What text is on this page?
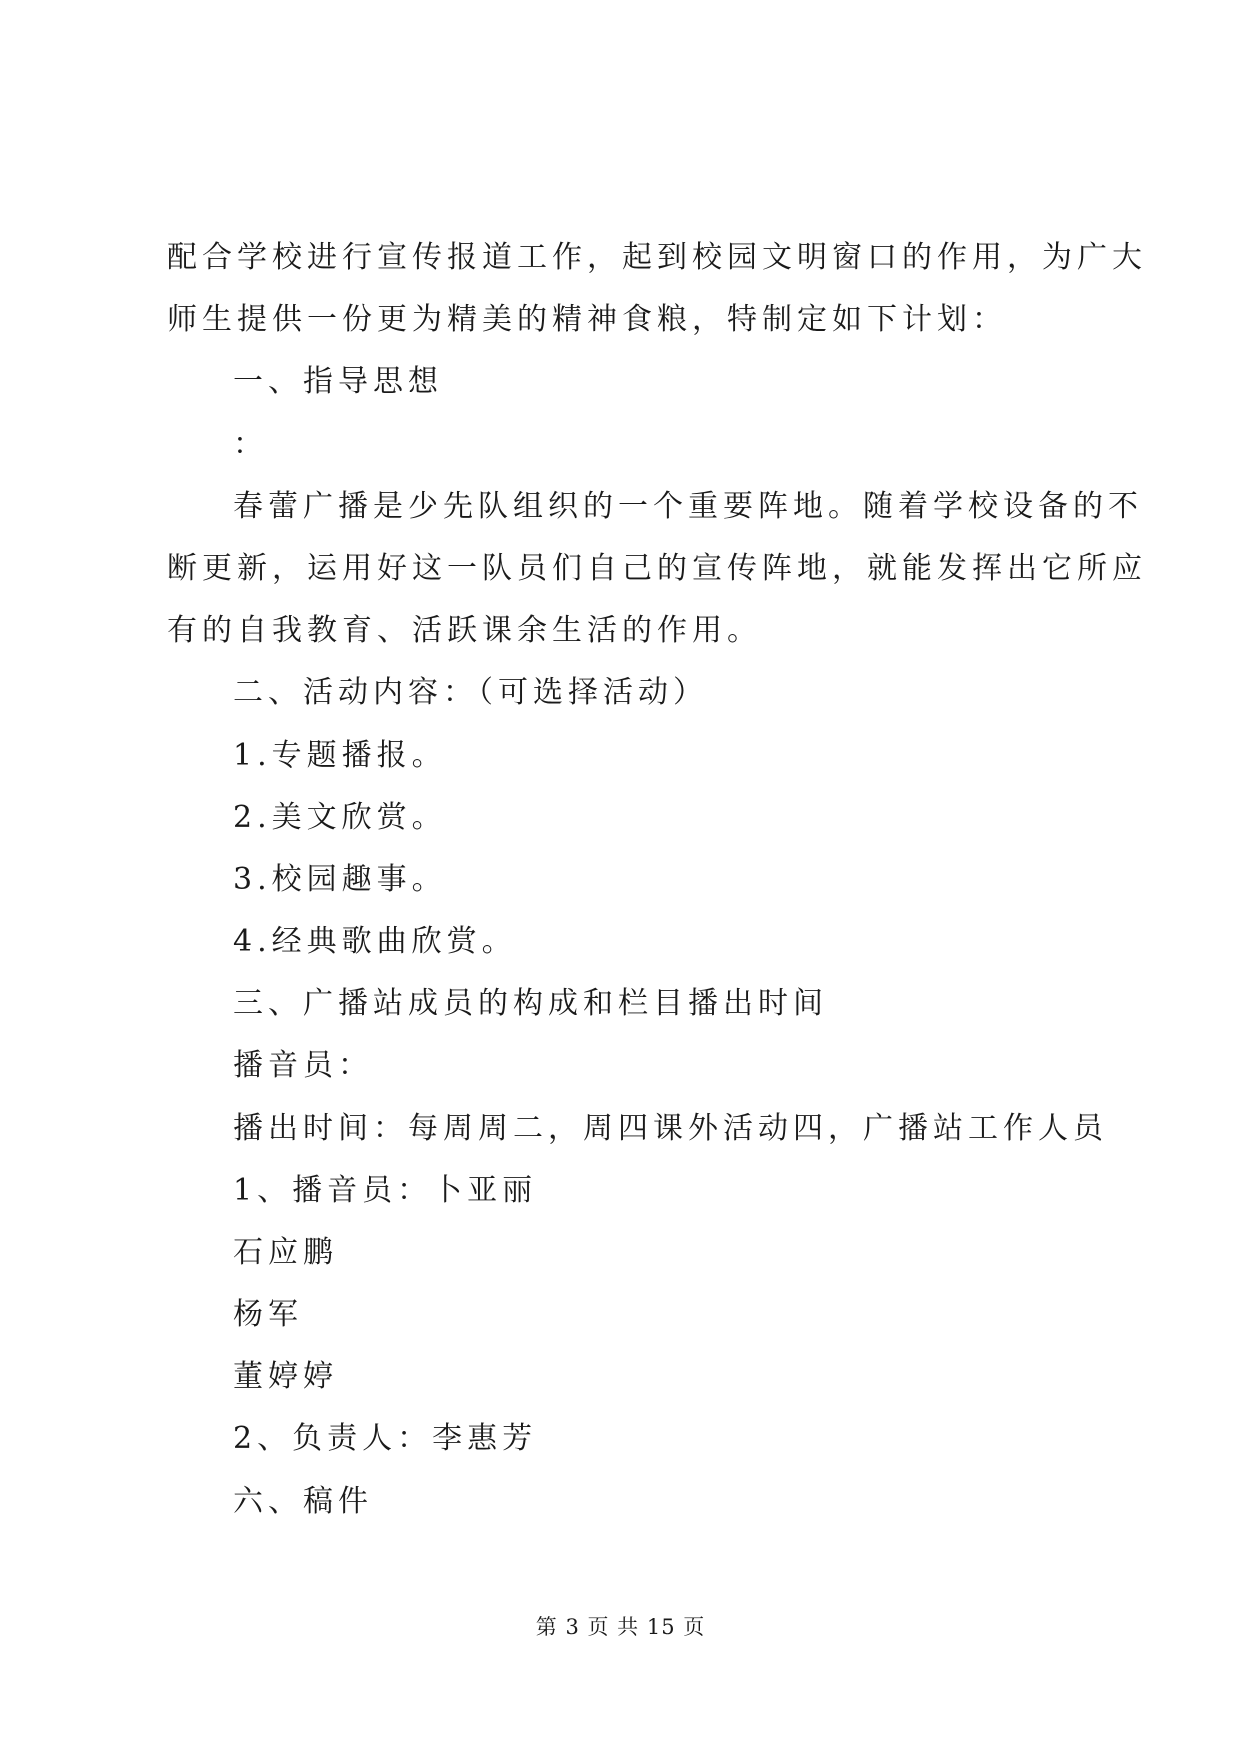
配合学校进行宣传报道工作，起到校园文明窗口的作用，为广大
师生提供一份更为精美的精神食粮，特制定如下计划：
一、指导思想
：
春蕾广播是少先队组织的一个重要阵地。随着学校设备的不
断更新，运用好这一队员们自己的宣传阵地，就能发挥出它所应
有的自我教育、活跃课余生活的作用。
二、活动内容：（可选择活动）
1.专题播报。
2.美文欣赏。
3.校园趣事。
4.经典歌曲欣赏。
三、广播站成员的构成和栏目播出时间
播音员：
播出时间：每周周二，周四课外活动四，广播站工作人员
1、播音员：卜亚丽
石应鹏
杨军
董婷婷
2、负责人：李惠芳
六、稿件
第 3 页 共 15 页
